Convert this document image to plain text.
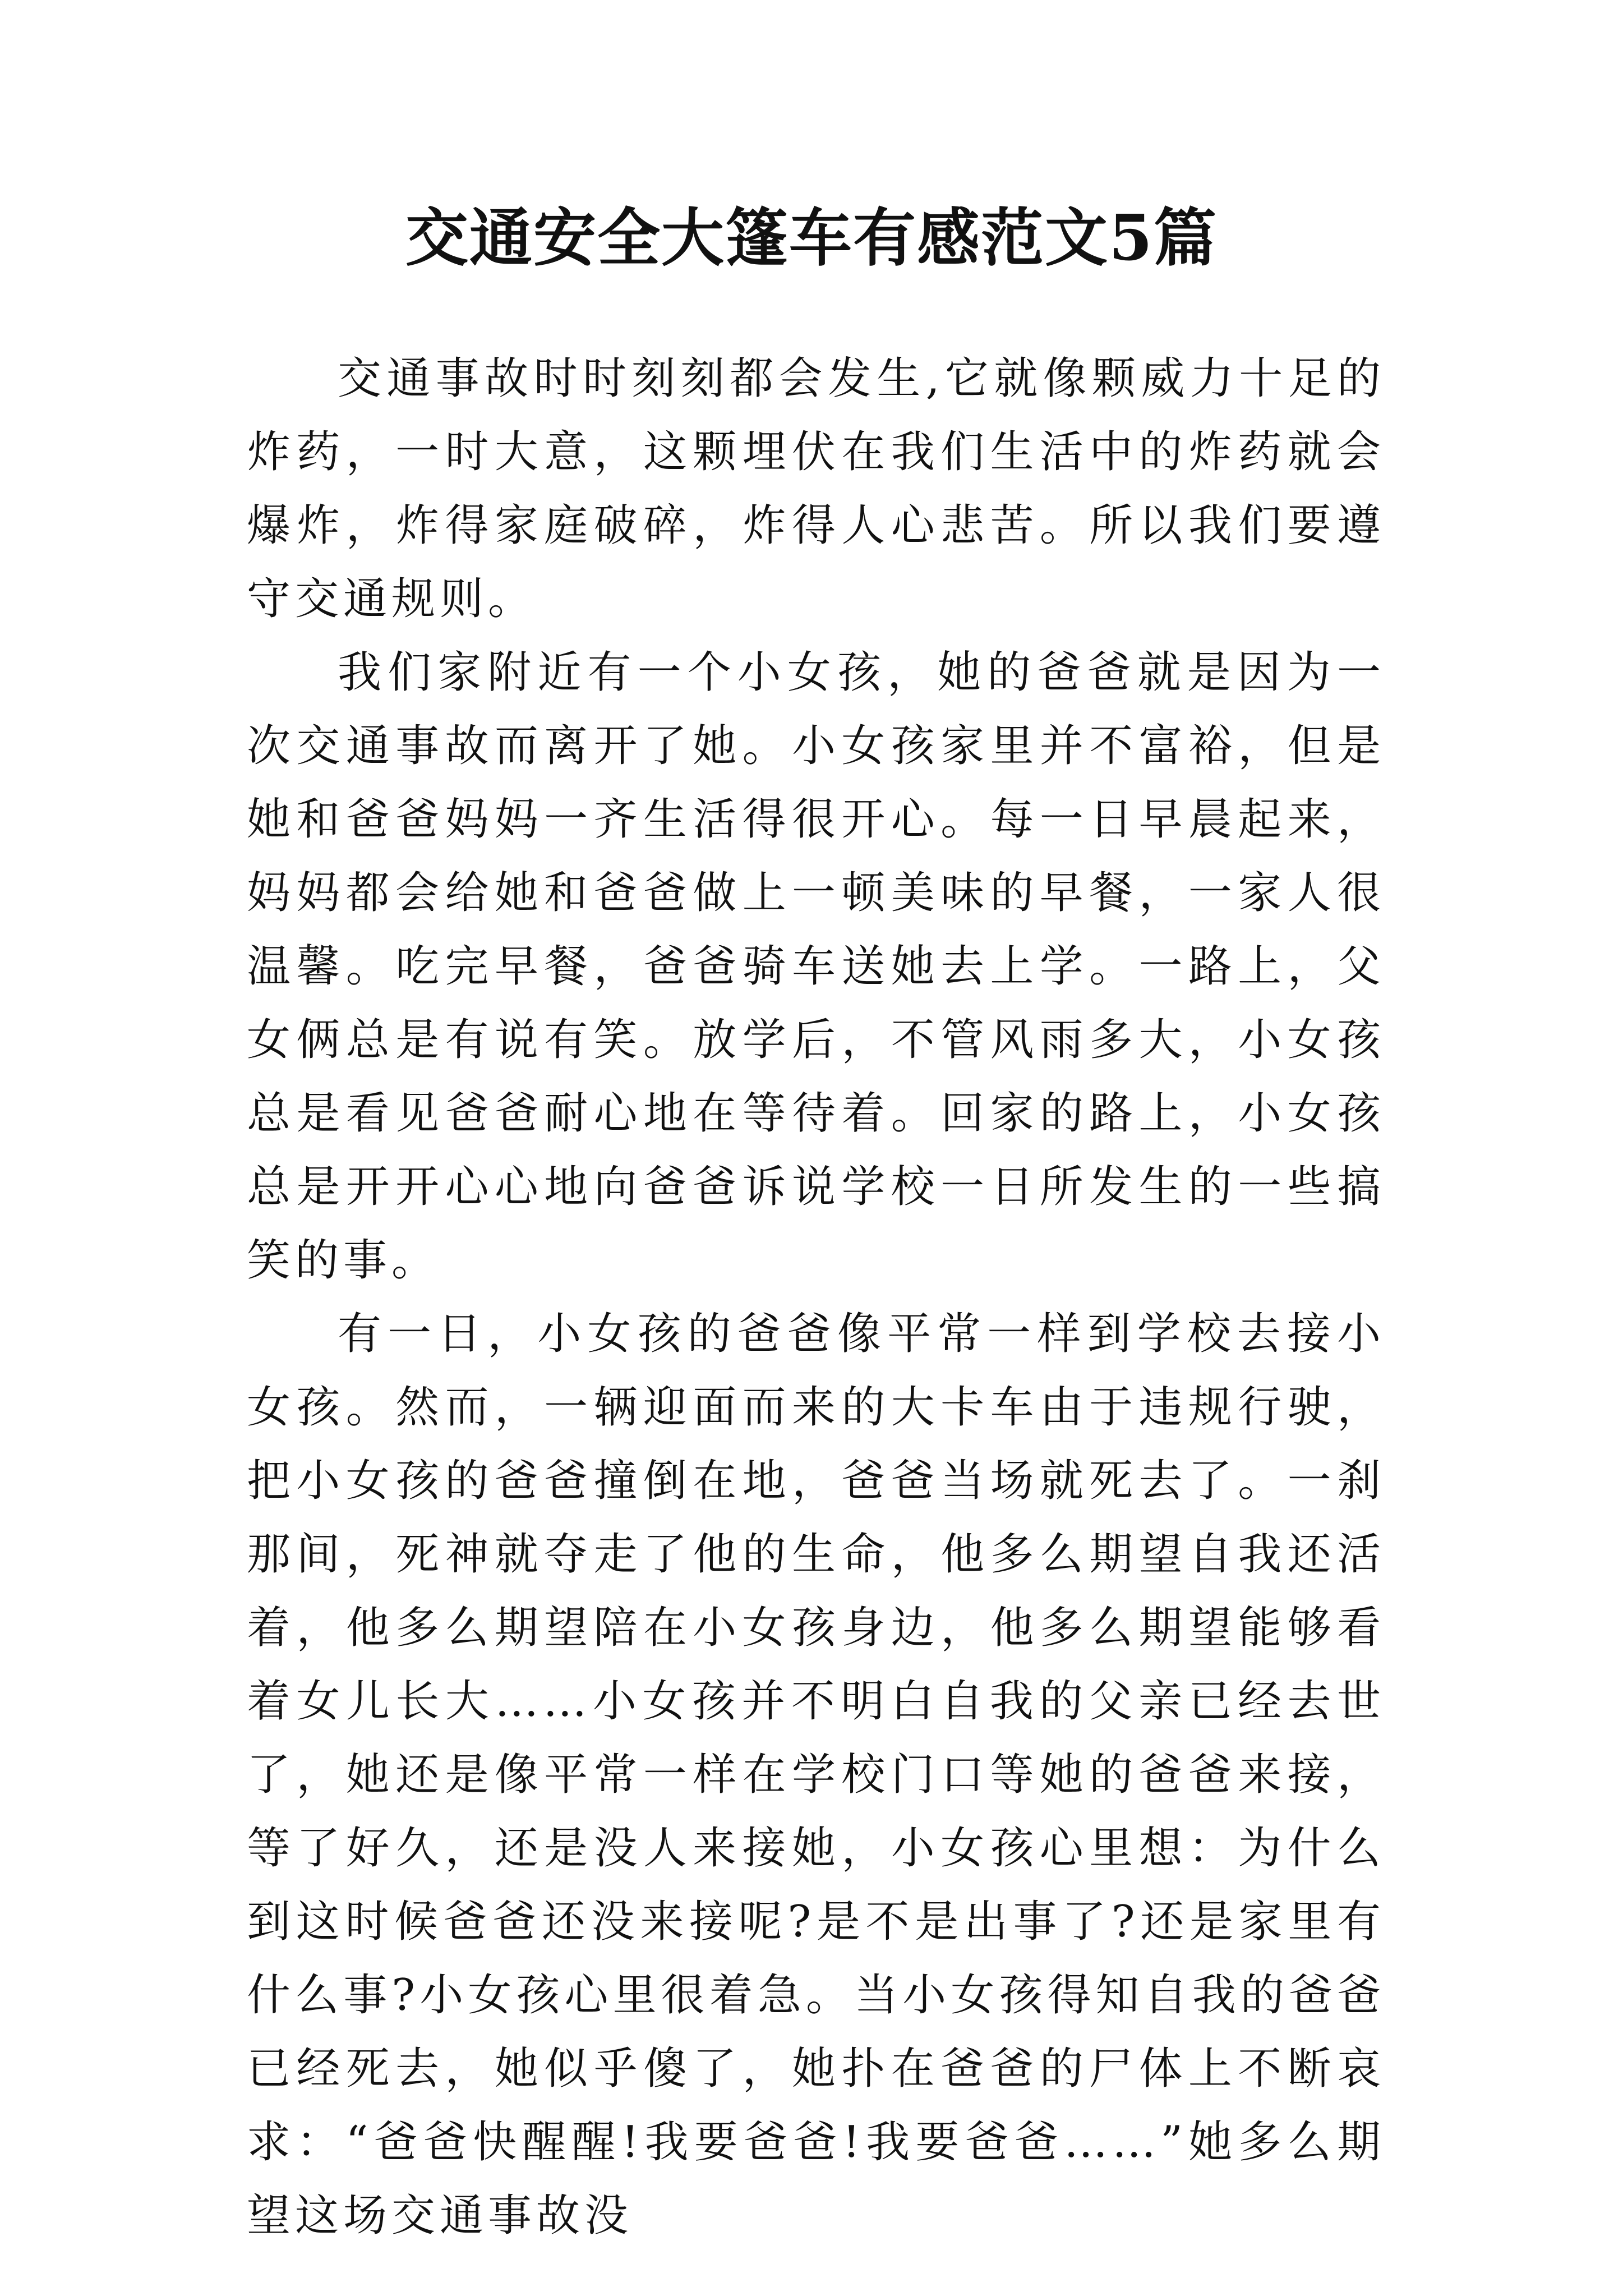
交通安全大篷车有感范文5篇

交通事故时时刻刻都会发生,它就像颗威力十足的炸药，一时大意，这颗埋伏在我们生活中的炸药就会爆炸，炸得家庭破碎，炸得人心悲苦。所以我们要遵守交通规则。

我们家附近有一个小女孩，她的爸爸就是因为一次交通事故而离开了她。小女孩家里并不富裕，但是她和爸爸妈妈一齐生活得很开心。每一日早晨起来，妈妈都会给她和爸爸做上一顿美味的早餐，一家人很温馨。吃完早餐，爸爸骑车送她去上学。一路上，父女俩总是有说有笑。放学后，不管风雨多大，小女孩总是看见爸爸耐心地在等待着。回家的路上，小女孩总是开开心心地向爸爸诉说学校一日所发生的一些搞笑的事。

有一日，小女孩的爸爸像平常一样到学校去接小女孩。然而，一辆迎面而来的大卡车由于违规行驶，把小女孩的爸爸撞倒在地，爸爸当场就死去了。一刹那间，死神就夺走了他的生命，他多么期望自我还活着，他多么期望陪在小女孩身边，他多么期望能够看着女儿长大……小女孩并不明白自我的父亲已经去世了，她还是像平常一样在学校门口等她的爸爸来接，等了好久，还是没人来接她，小女孩心里想：为什么到这时候爸爸还没来接呢?是不是出事了?还是家里有什么事?小女孩心里很着急。当小女孩得知自我的爸爸已经死去，她似乎傻了，她扑在爸爸的尸体上不断哀求：“爸爸快醒醒!我要爸爸!我要爸爸……”她多么期望这场交通事故没
